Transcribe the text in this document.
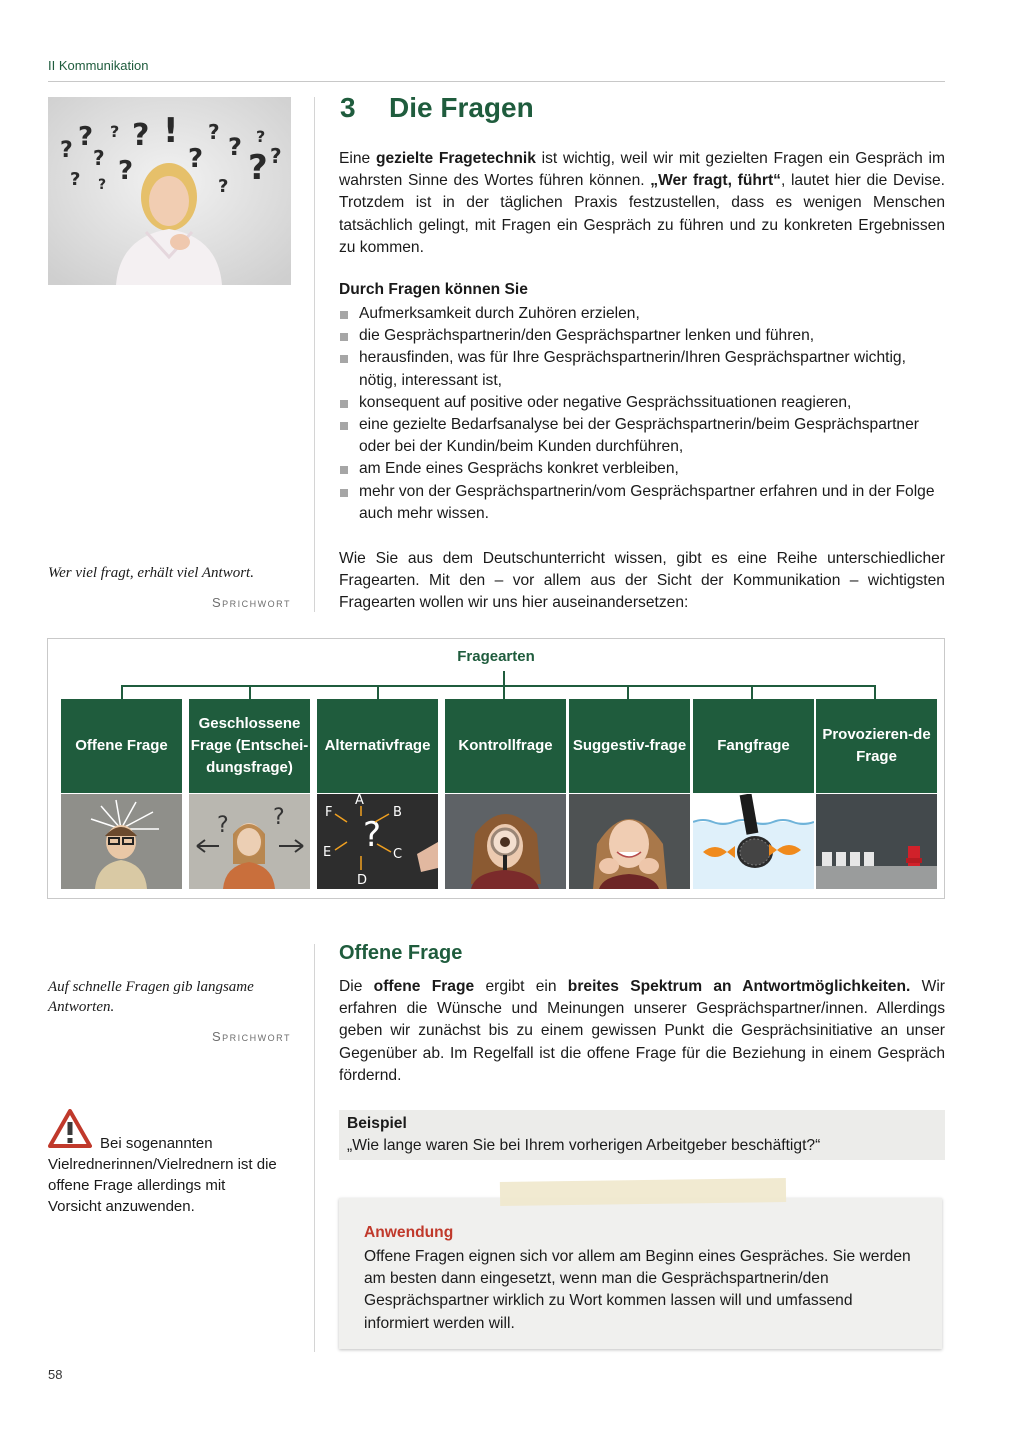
II Kommunikation
? ?
?
?
? ?
?
?
!
?
?
?
?
?
?
?
3 Die Fragen
Eine gezielte Fragetechnik ist wichtig, weil wir mit gezielten Fragen ein Gespräch im wahrsten Sinne des Wortes führen können. „Wer fragt, führt“, lautet hier die Devise. Trotzdem ist in der täglichen Praxis festzustellen, dass es wenigen Menschen tatsächlich gelingt, mit Fragen ein Gespräch zu führen und zu konkreten Ergebnissen zu kommen.
Durch Fragen können Sie
Aufmerksamkeit durch Zuhören erzielen,
die Gesprächspartnerin/den Gesprächspartner lenken und führen,
herausfinden, was für Ihre Gesprächspartnerin/Ihren Gesprächspartner wichtig, nötig, interessant ist,
konsequent auf positive oder negative Gesprächssituationen reagieren,
eine gezielte Bedarfsanalyse bei der Gesprächspartnerin/beim Gesprächspartner oder bei der Kundin/beim Kunden durchführen,
am Ende eines Gesprächs konkret verbleiben,
mehr von der Gesprächspartnerin/vom Gesprächspartner erfahren und in der Folge auch mehr wissen.
Wer viel fragt, erhält viel Antwort.
Sprichwort
Wie Sie aus dem Deutschunterricht wissen, gibt es eine Reihe unterschiedlicher Fragearten. Mit den – vor allem aus der Sicht der Kommunikation – wichtigsten Fragearten wollen wir uns hier auseinandersetzen:
Fragearten
Offene Frage
Geschlossene Frage (Entschei-dungsfrage)
Alternativfrage Kontrollfrage Suggestiv-frage Fangfrage
Provozieren-de Frage
? ? ?
A
B
C
D
E
F
Offene Frage
Die offene Frage ergibt ein breites Spektrum an Antwortmöglichkeiten. Wir erfahren die Wünsche und Meinungen unserer Gesprächspartner/innen. Allerdings geben wir zunächst bis zu einem gewissen Punkt die Gesprächsinitiative an unser Gegenüber ab. Im Regelfall ist die offene Frage für die Beziehung in einem Gespräch fördernd.
Auf schnelle Fragen gib langsame Antworten.
Sprichwort
Bei sogenannten Vielrednerinnen/Vielrednern ist die offene Frage allerdings mit Vorsicht anzuwenden.
Beispiel
„Wie lange waren Sie bei Ihrem vorherigen Arbeitgeber beschäftigt?“
Anwendung
Offene Fragen eignen sich vor allem am Beginn eines Gespräches. Sie werden am besten dann eingesetzt, wenn man die Gesprächspartnerin/den Gesprächspartner wirklich zu Wort kommen lassen will und umfassend informiert werden will.
58
